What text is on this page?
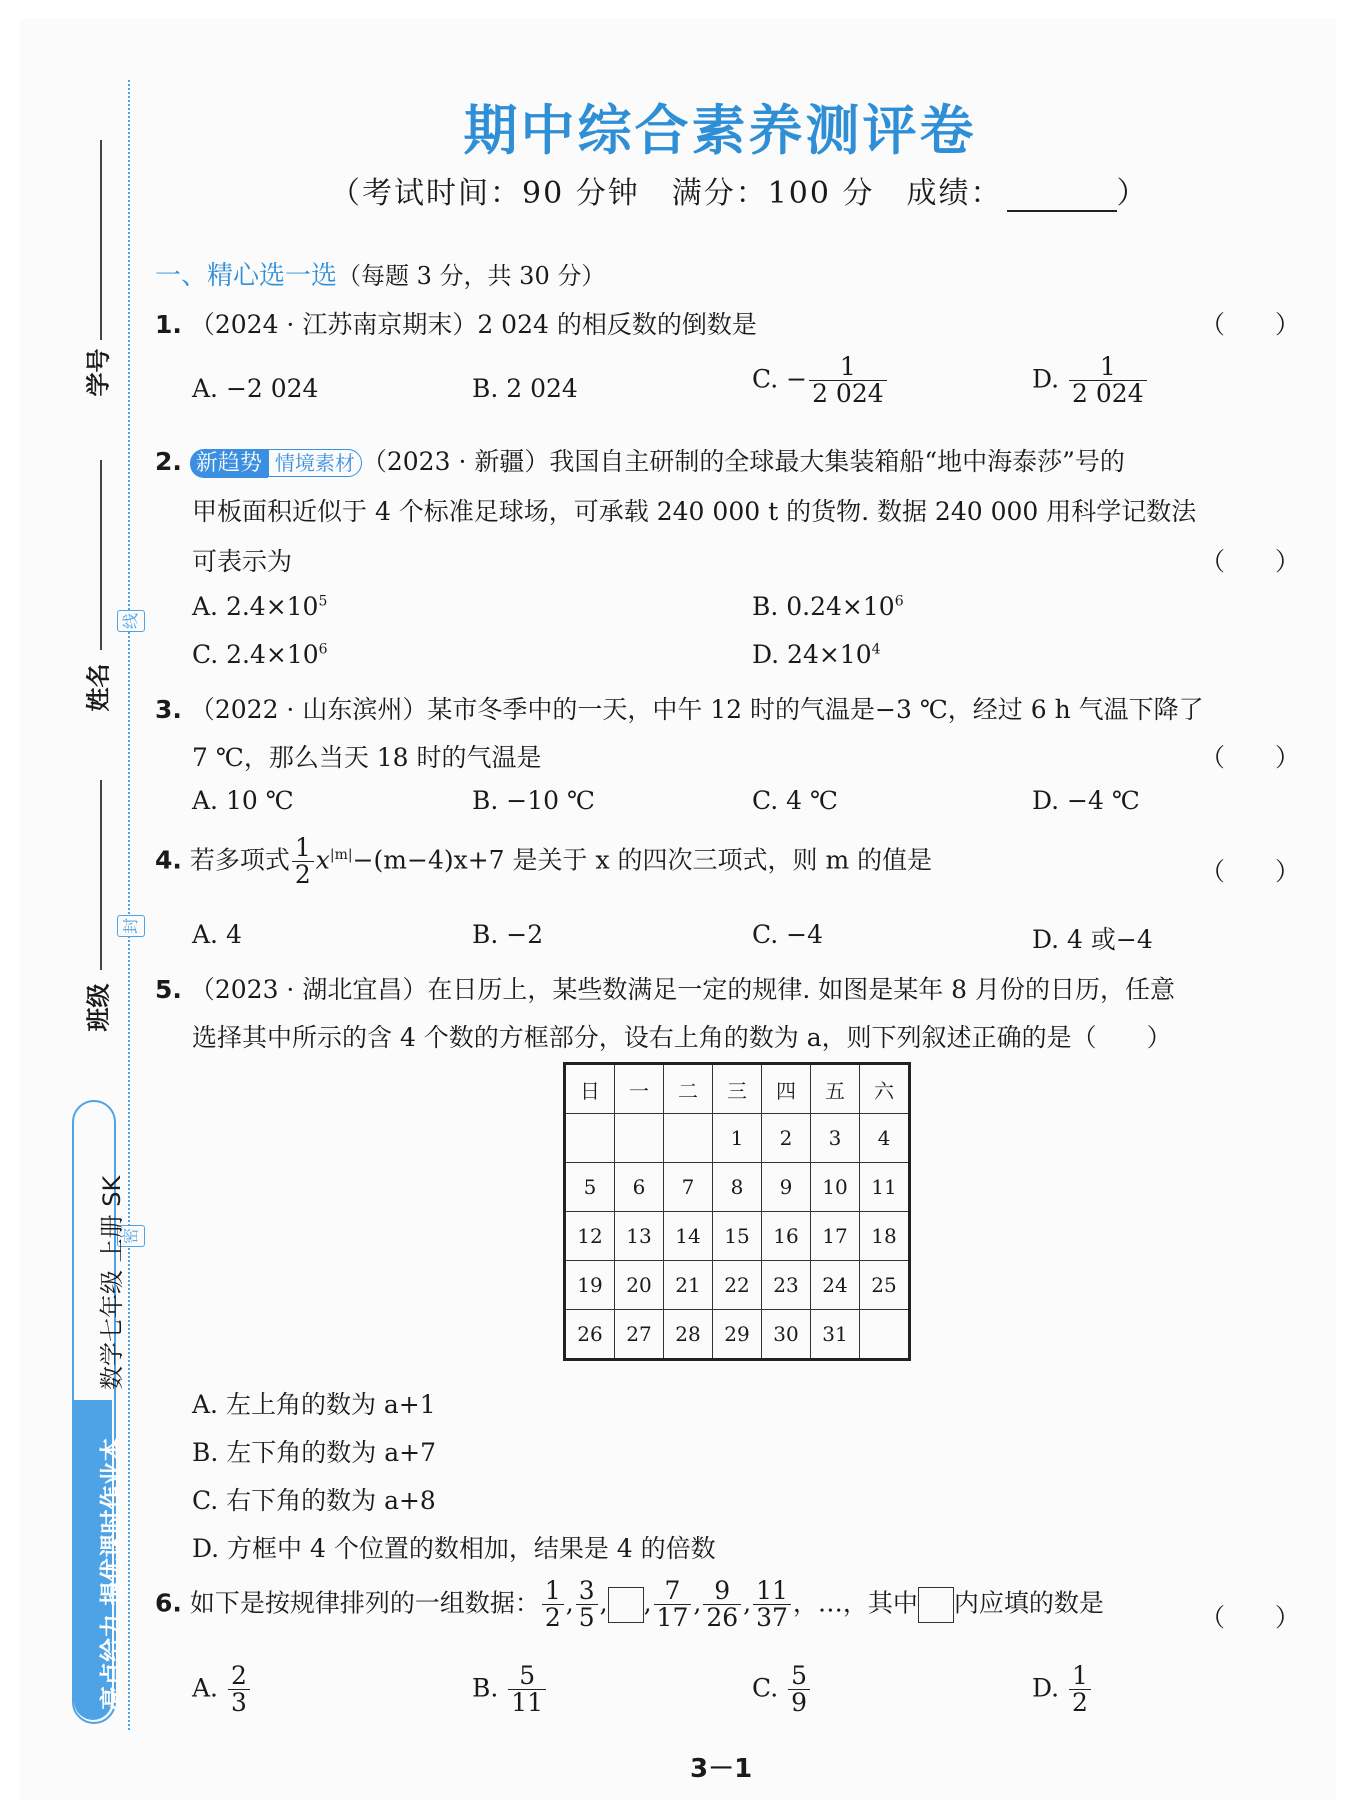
学号
姓名
班级
线
封
密
数学七年级 上册 SK
亮点给力 提优课时作业本
期中综合素养测评卷
（考试时间：90 分钟　满分：100 分　成绩：	）
一、精心选一选（每题 3 分，共 30 分）
1. （2024 · 江苏南京期末）2 024 的相反数的倒数是	（　　）
A. −2 024	B. 2 024	C. − $\frac{1}{2 024}$	D. $\frac{1}{2 024}$
2. 新趋势 情境素材 （2023 · 新疆）我国自主研制的全球最大集装箱船“地中海泰莎”号的
甲板面积近似于 4 个标准足球场，可承载 240 000 t 的货物. 数据 240 000 用科学记数法
可表示为	（　　）
A. $2.4\times 10^5$	B. $0.24\times 10^6$
C. $2.4\times 10^6$	D. $24\times 10^4$
3. （2022 · 山东滨州）某市冬季中的一天，中午 12 时的气温是−3 ℃，经过 6 h 气温下降了
7 ℃，那么当天 18 时的气温是	（　　）
A. 10 ℃	B. −10 ℃	C. 4 ℃	D. −4 ℃
4. 若多项式 $\frac{1}{2} x^{|m|}-(m-4)x+7$ 是关于 x 的四次三项式，则 m 的值是	（　　）
A. 4	B. −2	C. −4	D. 4 或−4
5. （2023 · 湖北宜昌）在日历上，某些数满足一定的规律. 如图是某年 8 月份的日历，任意
选择其中所示的含 4 个数的方框部分，设右上角的数为 a，则下列叙述正确的是（　　）
日	一	二	三	四	五	六
			1	2	3	4
5	6	7	8	9	10	11
12	13	14	15	16	17	18
19	20	21	22	23	24	25
26	27	28	29	30	31	
A. 左上角的数为 a+1
B. 左下角的数为 a+7
C. 右下角的数为 a+8
D. 方框中 4 个位置的数相加，结果是 4 的倍数
6. 如下是按规律排列的一组数据： $\frac{1}{2}$ , $\frac{3}{5}$ , , $\frac{7}{17}$ , $\frac{9}{26}$ , $\frac{11}{37}$ ，…，其中 内应填的数是
（　　）
A. $\frac{2}{3}$	B. $\frac{5}{11}$	C. $\frac{5}{9}$	D. $\frac{1}{2}$
3－1
